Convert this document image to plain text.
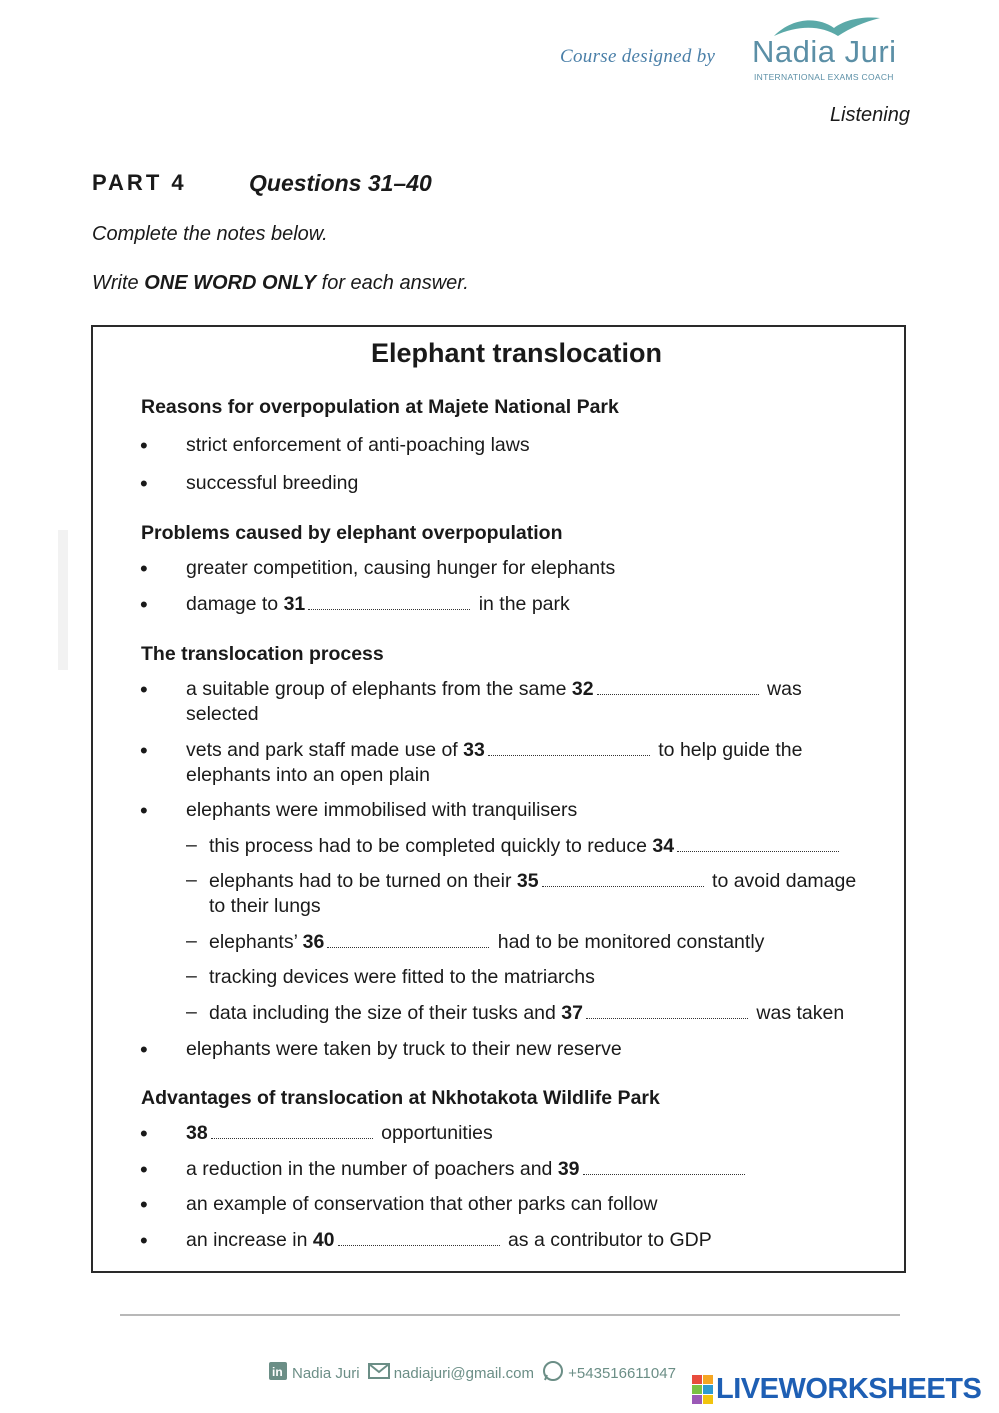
Course designed by Nadia Juri
INTERNATIONAL EXAMS COACH
Listening
PART 4	Questions 31–40
Complete the notes below.
Write ONE WORD ONLY for each answer.
Elephant translocation
Reasons for overpopulation at Majete National Park
• strict enforcement of anti-poaching laws
• successful breeding
Problems caused by elephant overpopulation
• greater competition, causing hunger for elephants
• damage to 31	in the park
The translocation process
• a suitable group of elephants from the same 32	was
selected
• vets and park staff made use of 33	to help guide the
elephants into an open plain
• elephants were immobilised with tranquilisers
– this process had to be completed quickly to reduce 34
– elephants had to be turned on their 35	to avoid damage
to their lungs
– elephants’ 36	had to be monitored constantly
– tracking devices were fitted to the matriarchs
– data including the size of their tusks and 37	was taken
• elephants were taken by truck to their new reserve
Advantages of translocation at Nkhotakota Wildlife Park
• 38	opportunities
• a reduction in the number of poachers and 39
• an example of conservation that other parks can follow
• an increase in 40	as a contributor to GDP
in Nadia Juri nadiajuri@gmail.com +543516611047 LIVEWORKSHEETS
